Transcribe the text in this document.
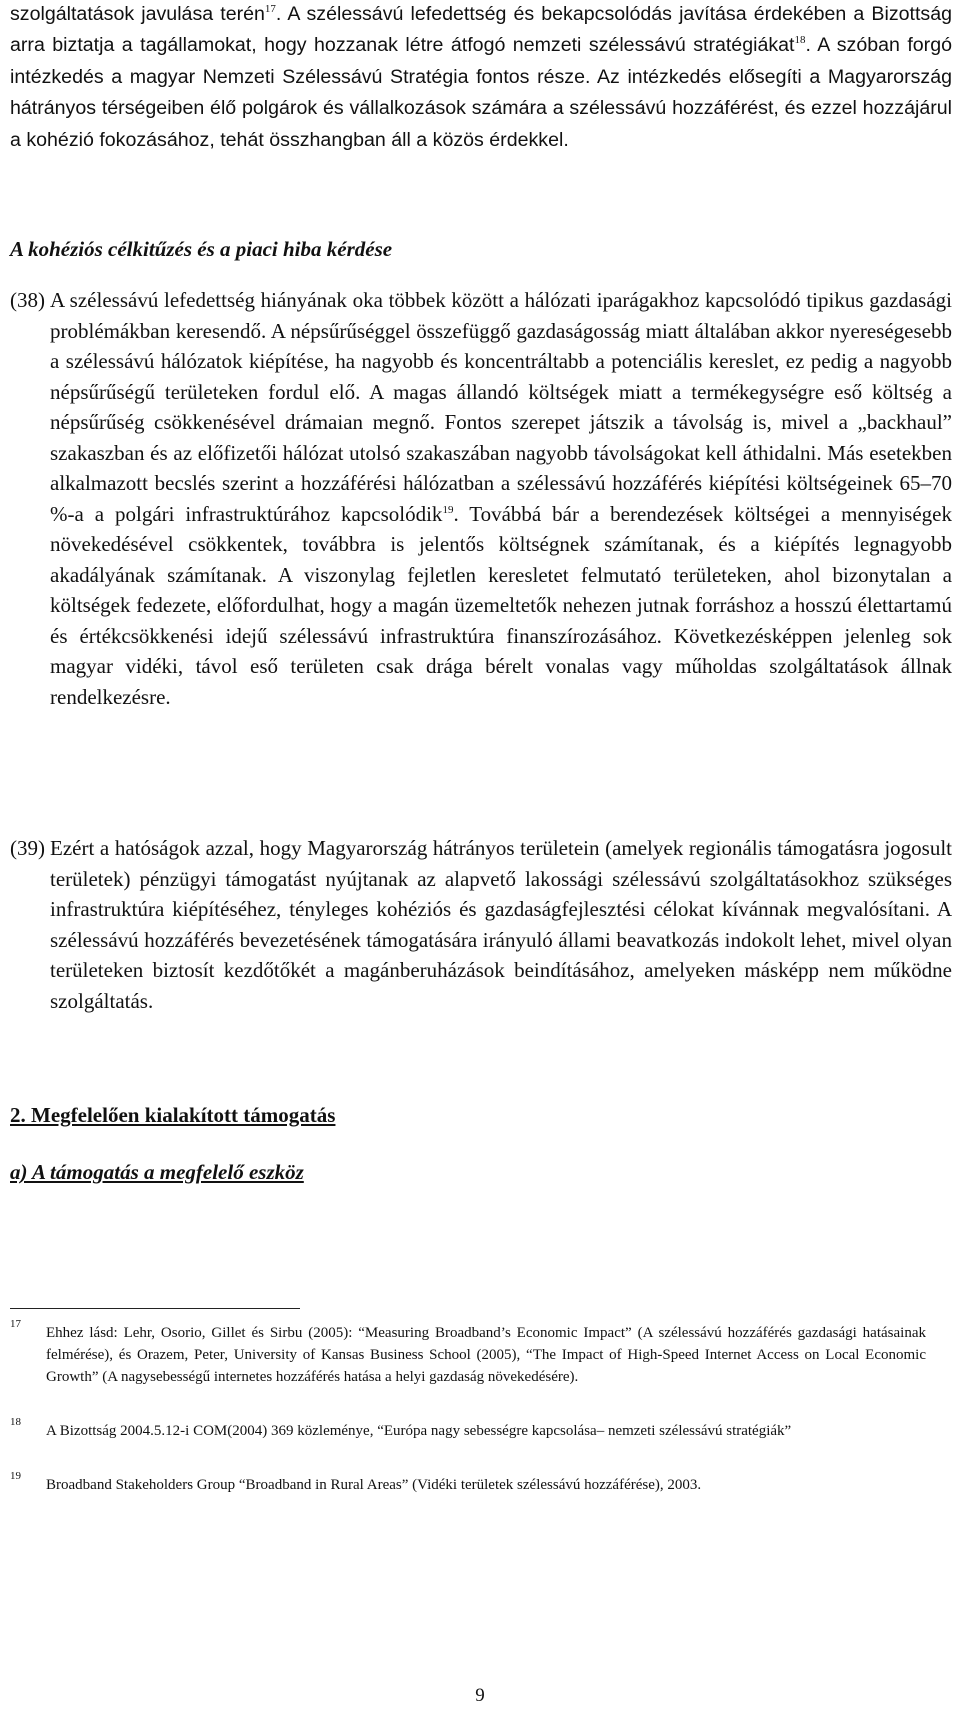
szolgáltatások javulása terén$^{17}$. A szélessávú lefedettség és bekapcsolódás javítása érdekében a Bizottság arra biztatja a tagállamokat, hogy hozzanak létre átfogó nemzeti szélessávú stratégiákat$^{18}$. A szóban forgó intézkedés a magyar Nemzeti Szélessávú Stratégia fontos része. Az intézkedés elősegíti a Magyarország hátrányos térségeiben élő polgárok és vállalkozások számára a szélessávú hozzáférést, és ezzel hozzájárul a kohézió fokozásához, tehát összhangban áll a közös érdekkel.

A kohéziós célkitűzés és a piaci hiba kérdése
(38) A szélessávú lefedettség hiányának oka többek között a hálózati iparágakhoz kapcsolódó tipikus gazdasági problémákban keresendő. A népsűrűséggel összefüggő gazdaságosság miatt általában akkor nyereségesebb a szélessávú hálózatok kiépítése, ha nagyobb és koncentráltabb a potenciális kereslet, ez pedig a nagyobb népsűrűségű területeken fordul elő. A magas állandó költségek miatt a termékegységre eső költség a népsűrűség csökkenésével drámaian megnő. Fontos szerepet játszik a távolság is, mivel a „backhaul” szakaszban és az előfizetői hálózat utolsó szakaszában nagyobb távolságokat kell áthidalni. Más esetekben alkalmazott becslés szerint a hozzáférési hálózatban a szélessávú hozzáférés kiépítési költségeinek 65–70 %-a a polgári infrastruktúrához kapcsolódik$^{19}$. Továbbá bár a berendezések költségei a mennyiségek növekedésével csökkentek, továbbra is jelentős költségnek számítanak, és a kiépítés legnagyobb akadályának számítanak. A viszonylag fejletlen keresletet felmutató területeken, ahol bizonytalan a költségek fedezete, előfordulhat, hogy a magán üzemeltetők nehezen jutnak forráshoz a hosszú élettartamú és értékcsökkenési idejű szélessávú infrastruktúra finanszírozásához. Következésképpen jelenleg sok magyar vidéki, távol eső területen csak drága bérelt vonalas vagy műholdas szolgáltatások állnak rendelkezésre.

(39) Ezért a hatóságok azzal, hogy Magyarország hátrányos területein (amelyek regionális támogatásra jogosult területek) pénzügyi támogatást nyújtanak az alapvető lakossági szélessávú szolgáltatásokhoz szükséges infrastruktúra kiépítéséhez, tényleges kohéziós és gazdaságfejlesztési célokat kívánnak megvalósítani. A szélessávú hozzáférés bevezetésének támogatására irányuló állami beavatkozás indokolt lehet, mivel olyan területeken biztosít kezdőtőkét a magánberuházások beindításához, amelyeken másképp nem működne szolgáltatás.

2. Megfelelően kialakított támogatás
a) A támogatás a megfelelő eszköz
17

Ehhez lásd: Lehr, Osorio, Gillet és Sirbu (2005): “Measuring Broadband’s Economic Impact” (A szélessávú hozzáférés gazdasági hatásainak felmérése), és Orazem, Peter, University of Kansas Business School (2005), “The Impact of High-Speed Internet Access on Local Economic Growth” (A nagysebességű internetes hozzáférés hatása a helyi gazdaság növekedésére).

18

A Bizottság 2004.5.12-i COM(2004) 369 közleménye, “Európa nagy sebességre kapcsolása– nemzeti szélessávú stratégiák”

19

Broadband Stakeholders Group “Broadband in Rural Areas” (Vidéki területek szélessávú hozzáférése), 2003.

9
